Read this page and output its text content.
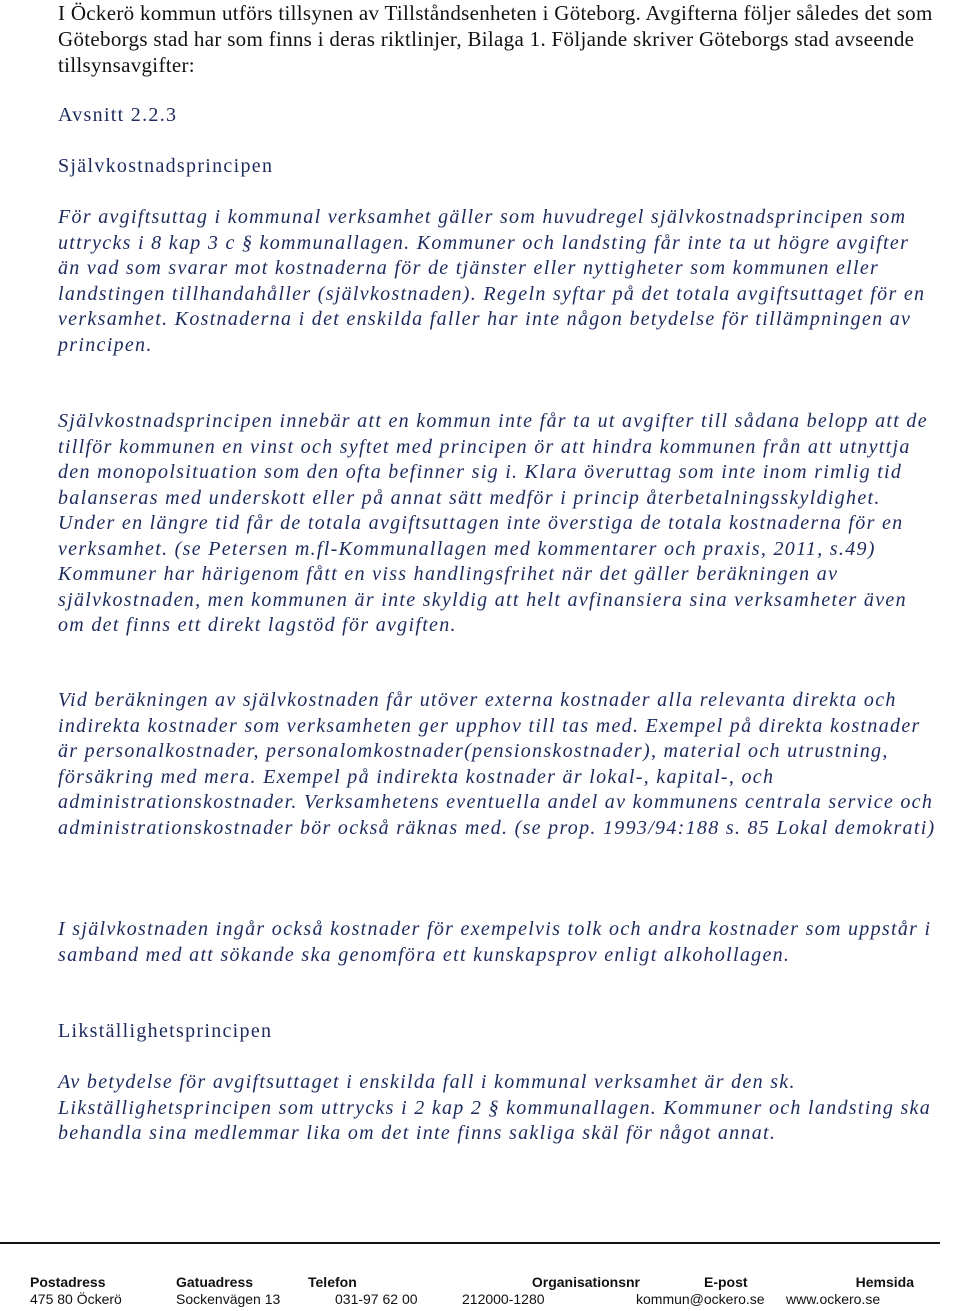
I Öckerö kommun utförs tillsynen av Tillståndsenheten i Göteborg. Avgifterna följer således det som Göteborgs stad har som finns i deras riktlinjer, Bilaga 1. Följande skriver Göteborgs stad avseende tillsynsavgifter:

Avsnitt 2.2.3

Självkostnadsprincipen

För avgiftsuttag i kommunal verksamhet gäller som huvudregel självkostnadsprincipen som uttrycks i 8 kap 3 c § kommunallagen. Kommuner och landsting får inte ta ut högre avgifter än vad som svarar mot kostnaderna för de tjänster eller nyttigheter som kommunen eller landstingen tillhandahåller (självkostnaden). Regeln syftar på det totala avgiftsuttaget för en verksamhet. Kostnaderna i det enskilda faller har inte någon betydelse för tillämpningen av principen.

Självkostnadsprincipen innebär att en kommun inte får ta ut avgifter till sådana belopp att de tillför kommunen en vinst och syftet med principen ör att hindra kommunen från att utnyttja den monopolsituation som den ofta befinner sig i. Klara överuttag som inte inom rimlig tid balanseras med underskott eller på annat sätt medför i princip återbetalningsskyldighet. Under en längre tid får de totala avgiftsuttagen inte överstiga de totala kostnaderna för en verksamhet. (se Petersen m.fl-Kommunallagen med kommentarer och praxis, 2011, s.49) Kommuner har härigenom fått en viss handlingsfrihet när det gäller beräkningen av självkostnaden, men kommunen är inte skyldig att helt avfinansiera sina verksamheter även om det finns ett direkt lagstöd för avgiften.

Vid beräkningen av självkostnaden får utöver externa kostnader alla relevanta direkta och indirekta kostnader som verksamheten ger upphov till tas med. Exempel på direkta kostnader är personalkostnader, personalomkostnader(pensionskostnader), material och utrustning, försäkring med mera. Exempel på indirekta kostnader är lokal-, kapital-, och administrationskostnader. Verksamhetens eventuella andel av kommunens centrala service och administrationskostnader bör också räknas med. (se prop. 1993/94:188 s. 85 Lokal demokrati)

I självkostnaden ingår också kostnader för exempelvis tolk och andra kostnader som uppstår i samband med att sökande ska genomföra ett kunskapsprov enligt alkohollagen.

Likställighetsprincipen

Av betydelse för avgiftsuttaget i enskilda fall i kommunal verksamhet är den sk. Likställighetsprincipen som uttrycks i 2 kap 2 § kommunallagen. Kommuner och landsting ska behandla sina medlemmar lika om det inte finns sakliga skäl för något annat.

Postadress
475 80 Öckerö
Gatuadress
Sockenvägen 13
Telefon
031-97 62 00
Organisationsnr
212000-1280
E-post
kommun@ockero.se
Hemsida
www.ockero.se
